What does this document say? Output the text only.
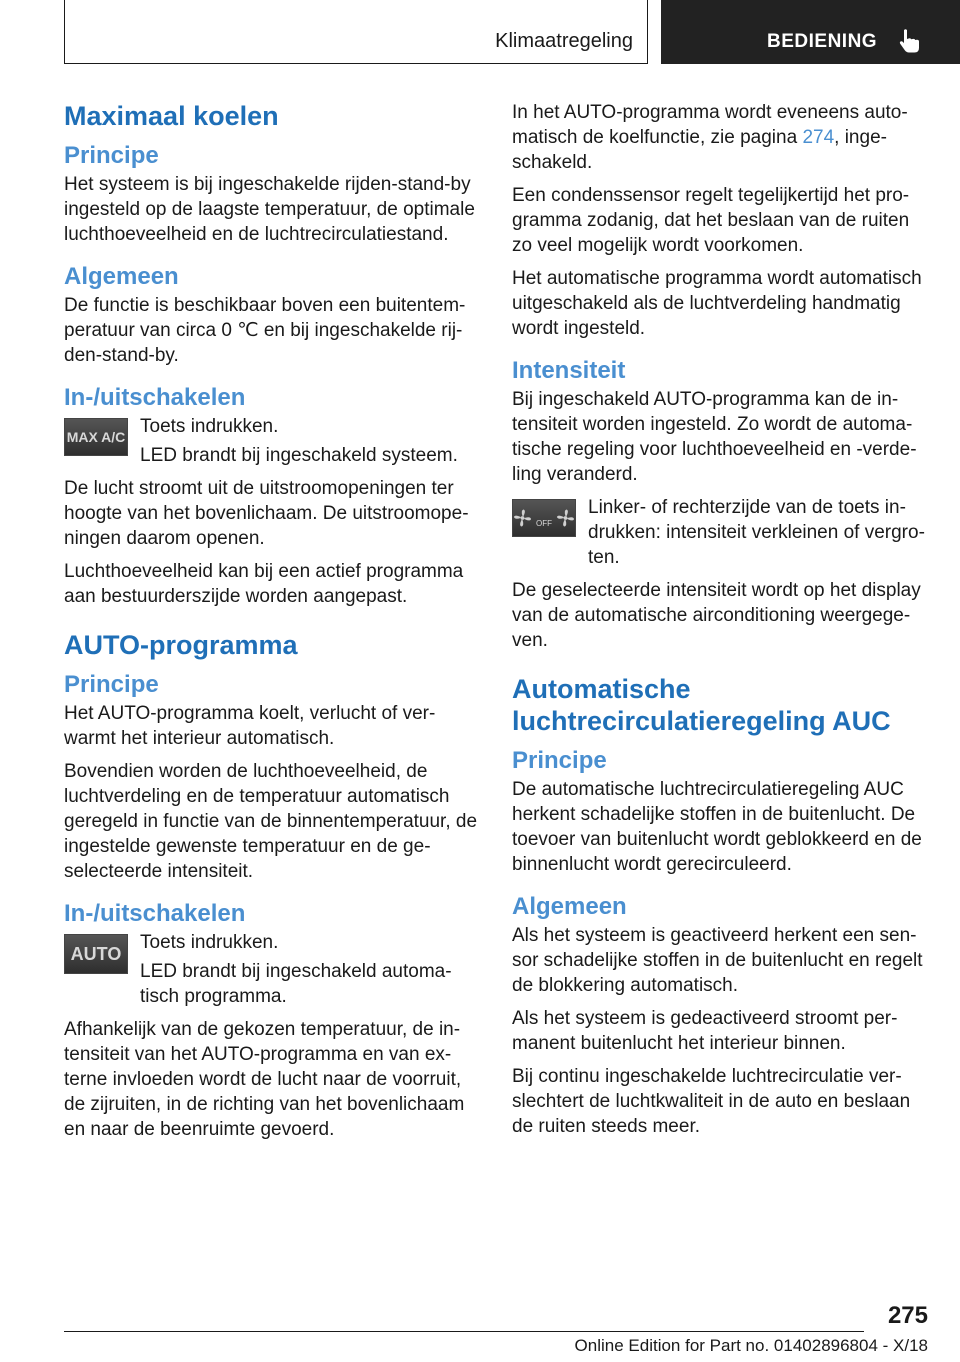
Klimaatregeling	BEDIENING
Maximaal koelen
Principe
Het systeem is bij ingeschakelde rijden-stand-by ingesteld op de laagste temperatuur, de optimale luchthoeveelheid en de luchtrecirculatiestand.
Algemeen
De functie is beschikbaar boven een buitentemperatuur van circa 0 ℃ en bij ingeschakelde rijden-stand-by.
In-/uitschakelen
MAX A/C Toets indrukken.
LED brandt bij ingeschakeld systeem.
De lucht stroomt uit de uitstroomopeningen ter hoogte van het bovenlichaam. De uitstroomopeningen daarom openen.
Luchthoeveelheid kan bij een actief programma aan bestuurderszijde worden aangepast.
AUTO-programma
Principe
Het AUTO-programma koelt, verlucht of verwarmt het interieur automatisch.
Bovendien worden de luchthoeveelheid, de luchtverdeling en de temperatuur automatisch geregeld in functie van de binnentemperatuur, de ingestelde gewenste temperatuur en de geselecteerde intensiteit.
In-/uitschakelen
AUTO
Toets indrukken.
LED brandt bij ingeschakeld automatisch programma.
Afhankelijk van de gekozen temperatuur, de intensiteit van het AUTO-programma en van externe invloeden wordt de lucht naar de voorruit, de zijruiten, in de richting van het bovenlichaam en naar de beenruimte gevoerd.
In het AUTO-programma wordt eveneens automatisch de koelfunctie, zie pagina 274, ingeschakeld.
Een condenssensor regelt tegelijkertijd het programma zodanig, dat het beslaan van de ruiten zo veel mogelijk wordt voorkomen.
Het automatische programma wordt automatisch uitgeschakeld als de luchtverdeling handmatig wordt ingesteld.
Intensiteit
Bij ingeschakeld AUTO-programma kan de intensiteit worden ingesteld. Zo wordt de automatische regeling voor luchthoeveelheid en -verdeling veranderd.
OFF
Linker- of rechterzijde van de toets indrukken: intensiteit verkleinen of vergroten.
De geselecteerde intensiteit wordt op het display van de automatische airconditioning weergegeven.
Automatische luchtrecirculatieregeling AUC
Principe
De automatische luchtrecirculatieregeling AUC herkent schadelijke stoffen in de buitenlucht. De toevoer van buitenlucht wordt geblokkeerd en de binnenlucht wordt gerecirculeerd.
Algemeen
Als het systeem is geactiveerd herkent een sensor schadelijke stoffen in de buitenlucht en regelt de blokkering automatisch.
Als het systeem is gedeactiveerd stroomt permanent buitenlucht het interieur binnen.
Bij continu ingeschakelde luchtrecirculatie verslechtert de luchtkwaliteit in de auto en beslaan de ruiten steeds meer.
275
Online Edition for Part no. 01402896804 - X/18
